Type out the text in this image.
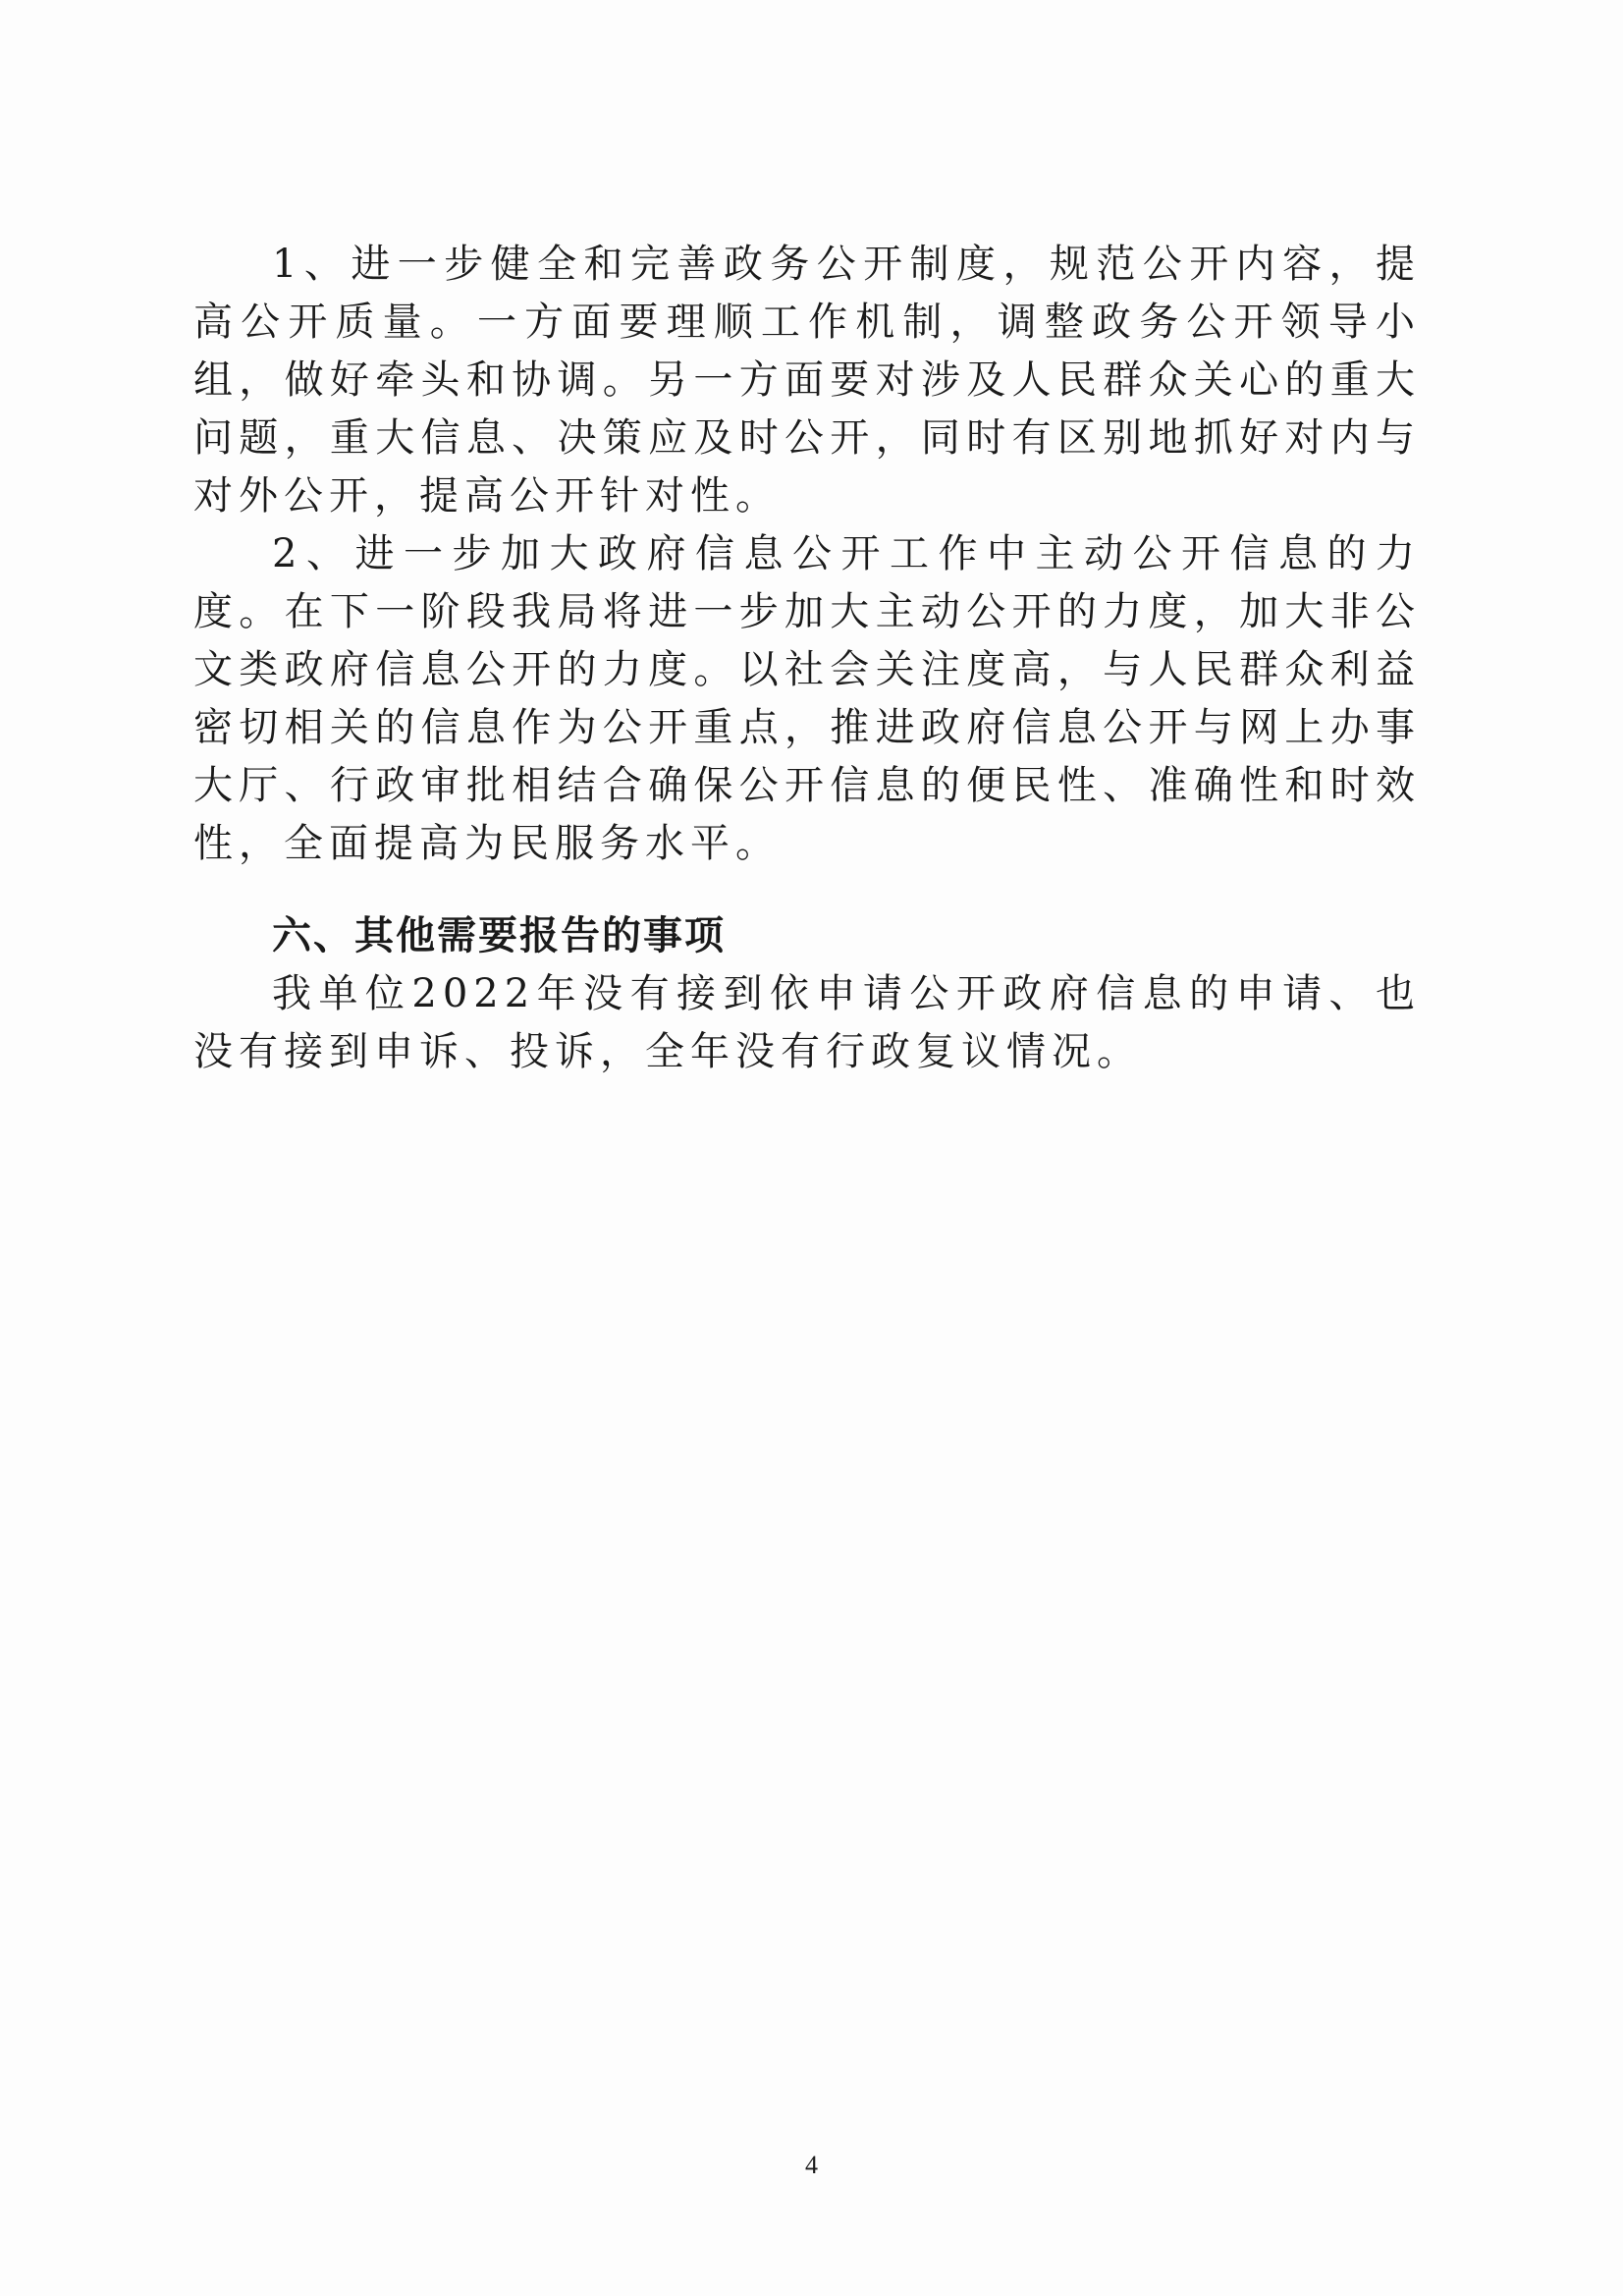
1、进一步健全和完善政务公开制度，规范公开内容，提高公开质量。一方面要理顺工作机制，调整政务公开领导小组，做好牵头和协调。另一方面要对涉及人民群众关心的重大问题，重大信息、决策应及时公开，同时有区别地抓好对内与对外公开，提高公开针对性。

2、进一步加大政府信息公开工作中主动公开信息的力度。在下一阶段我局将进一步加大主动公开的力度，加大非公文类政府信息公开的力度。以社会关注度高，与人民群众利益密切相关的信息作为公开重点，推进政府信息公开与网上办事大厅、行政审批相结合确保公开信息的便民性、准确性和时效性，全面提高为民服务水平。

六、其他需要报告的事项

我单位2022年没有接到依申请公开政府信息的申请、也没有接到申诉、投诉，全年没有行政复议情况。

4
